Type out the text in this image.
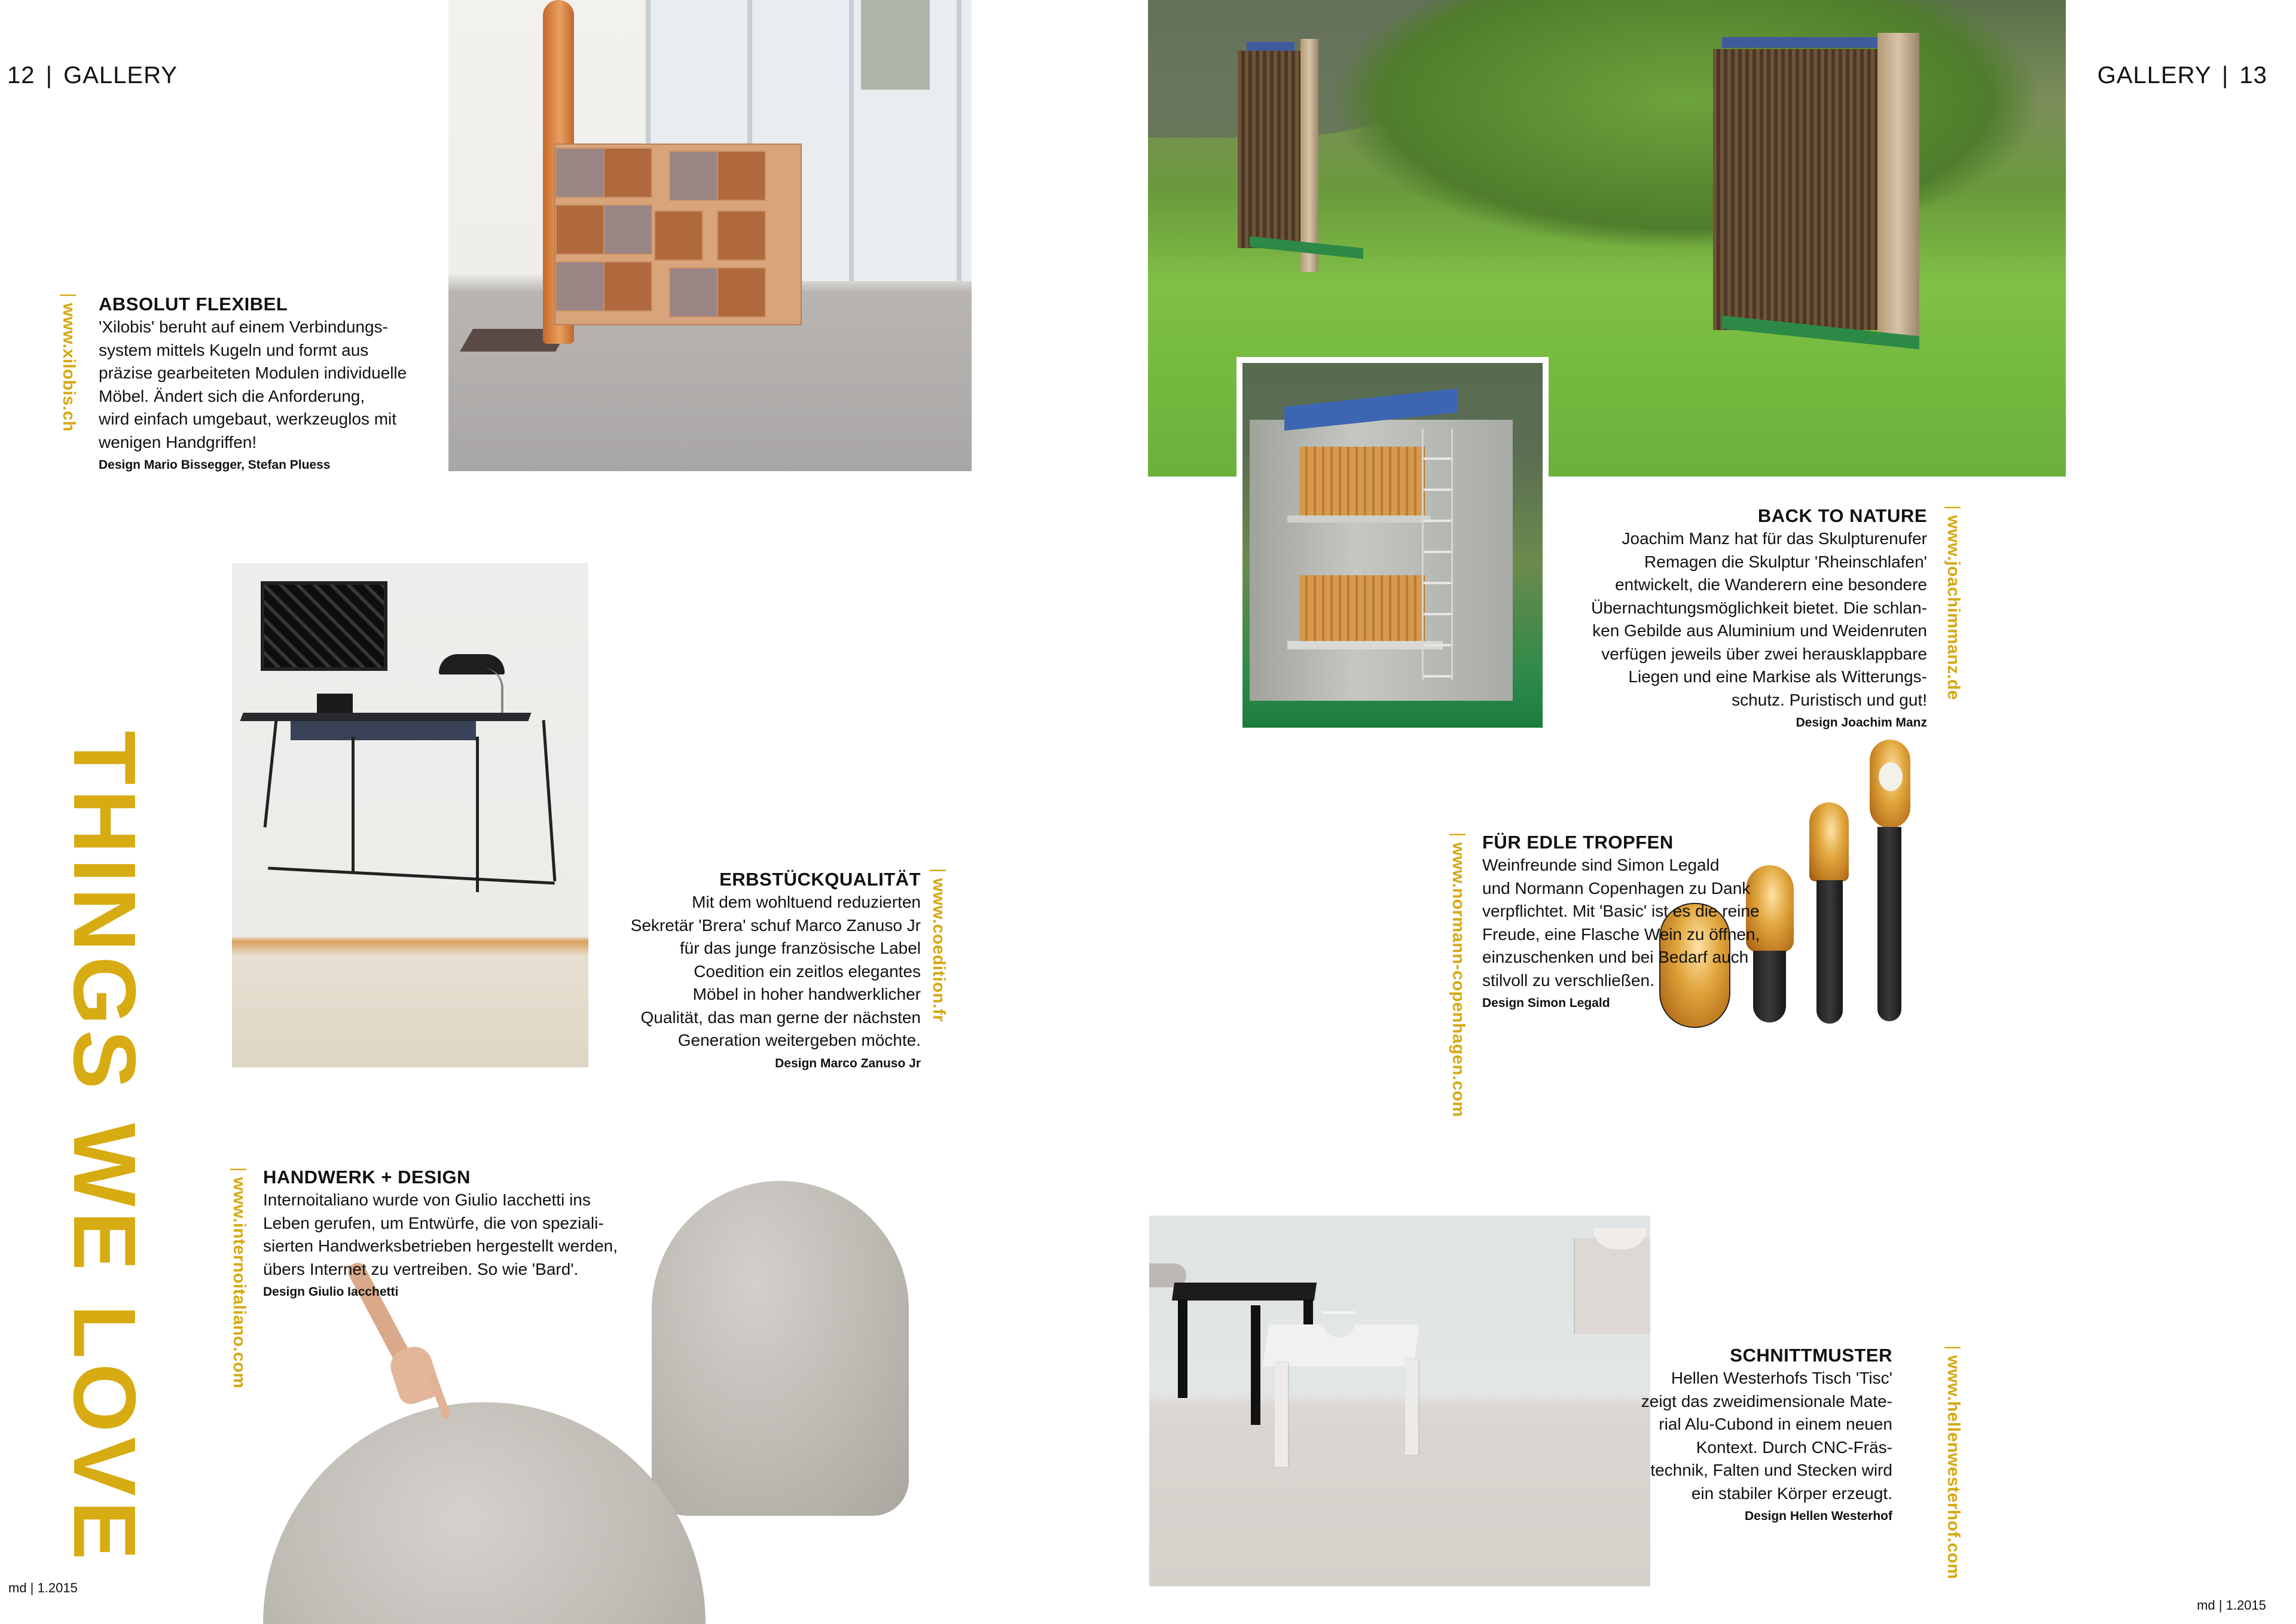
12 | GALLERY	GALLERY | 13
md | 1.2015
md | 1.2015
THINGS WE LOVE
| www.xilobis.ch ABSOLUT FLEXIBEL
'Xilobis' beruht auf einem Verbindungs-
system mittels Kugeln und formt aus
präzise gearbeiteten Modulen individuelle
Möbel. Ändert sich die Anforderung,
wird einfach umgebaut, werkzeuglos mit
wenigen Handgriffen!
Design Mario Bissegger, Stefan Pluess
ERBSTÜCKQUALITÄT
Mit dem wohltuend reduzierten
Sekretär 'Brera' schuf Marco Zanuso Jr
für das junge französische Label
Coedition ein zeitlos elegantes
Möbel in hoher handwerklicher
Qualität, das man gerne der nächsten
Generation weitergeben möchte.
Design Marco Zanuso Jr
| www.coedition.fr
| www.internoitaliano.com
HANDWERK + DESIGN
Internoitaliano wurde von Giulio Iacchetti ins
Leben gerufen, um Entwürfe, die von speziali-
sierten Handwerksbetrieben hergestellt werden,
übers Internet zu vertreiben. So wie 'Bard'.
Design Giulio Iacchetti
BACK TO NATURE
Joachim Manz hat für das Skulpturenufer
Remagen die Skulptur 'Rheinschlafen'
entwickelt, die Wanderern eine besondere
Übernachtungsmöglichkeit bietet. Die schlan-
ken Gebilde aus Aluminium und Weidenruten
verfügen jeweils über zwei herausklappbare
Liegen und eine Markise als Witterungs-
schutz. Puristisch und gut!
Design Joachim Manz
| www.joachimmanz.de
| www.normann-copenhagen.com
FÜR EDLE TROPFEN
Weinfreunde sind Simon Legald
und Normann Copenhagen zu Dank
verpflichtet. Mit 'Basic' ist es die reine
Freude, eine Flasche Wein zu öffnen,
einzuschenken und bei Bedarf auch
stilvoll zu verschließen.
Design Simon Legald
SCHNITTMUSTER
Hellen Westerhofs Tisch 'Tisc'
zeigt das zweidimensionale Mate-
rial Alu-Cubond in einem neuen
Kontext. Durch CNC-Fräs-
technik, Falten und Stecken wird
ein stabiler Körper erzeugt.
Design Hellen Westerhof
| www.hellenwesterhof.com
